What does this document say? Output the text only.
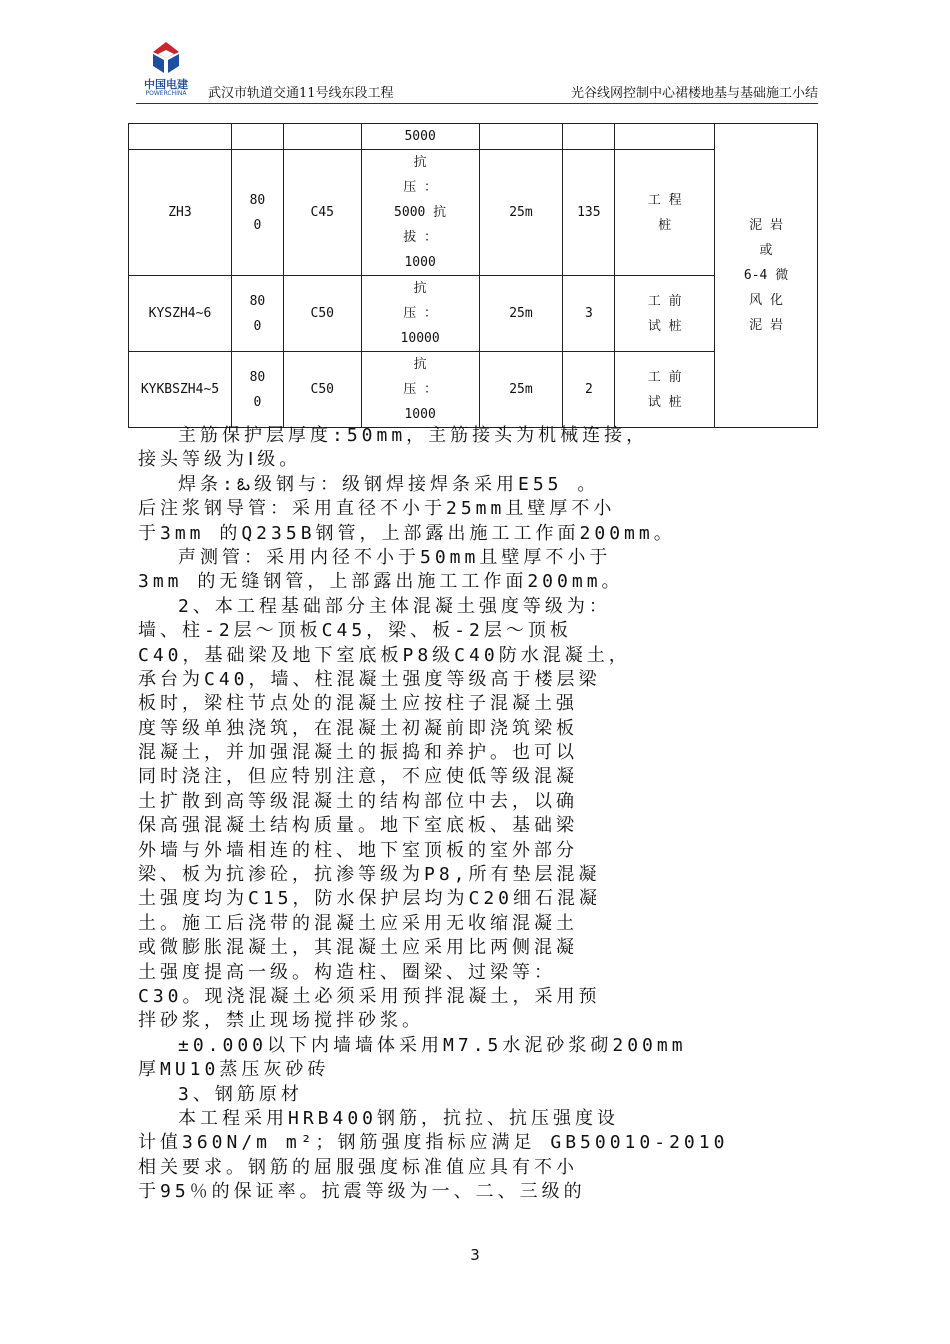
中国电建
POWERCHINA	武汉市轨道交通11号线东段工程	光谷线网控制中心裙楼地基与基础施工小结
			5000				泥 岩
或
6-4 微
风 化
泥 岩

ZH3	80
0	C45	抗
压 ：
5000 抗
拔 ：
1000	25m	135	工 程
桩	

KYSZH4~6	80
0	C50	抗
压 ：
10000	25m	3	工 前
试 桩	

KYKBSZH4~5	80
0	C50	抗
压 ：
1000	25m	2	工 前
试 桩	
主筋保护层厚度:50mm，主筋接头为机械连接，
接头等级为Ⅰ级。
焊条:ఓ级钢与：级钢焊接焊条采用E55 。
后注浆钢导管：采用直径不小于25mm且壁厚不小
于3mm 的Q235B钢管，上部露出施工工作面200mm。
声测管：采用内径不小于50mm且壁厚不小于
3mm 的无缝钢管，上部露出施工工作面200mm。
2、本工程基础部分主体混凝土强度等级为：
墙、柱-2层～顶板C45，梁、板-2层～顶板
C40，基础梁及地下室底板P8级C40防水混凝土，
承台为C40，墙、柱混凝土强度等级高于楼层梁
板时，梁柱节点处的混凝土应按柱子混凝土强
度等级单独浇筑，在混凝土初凝前即浇筑梁板
混凝土，并加强混凝土的振捣和养护。也可以
同时浇注，但应特别注意，不应使低等级混凝
土扩散到高等级混凝土的结构部位中去，以确
保高强混凝土结构质量。地下室底板、基础梁
外墙与外墙相连的柱、地下室顶板的室外部分
梁、板为抗渗砼，抗渗等级为P8,所有垫层混凝
土强度均为C15，防水保护层均为C20细石混凝
土。施工后浇带的混凝土应采用无收缩混凝土
或微膨胀混凝土，其混凝土应采用比两侧混凝
土强度提高一级。构造柱、圈梁、过梁等：
C30。现浇混凝土必须采用预拌混凝土，采用预
拌砂浆，禁止现场搅拌砂浆。
±0.000以下内墙墙体采用M7.5水泥砂浆砌200mm
厚MU10蒸压灰砂砖
3、钢筋原材
本工程采用HRB400钢筋，抗拉、抗压强度设
计值360N/m m²；钢筋强度指标应满足 GB50010-2010
相关要求。钢筋的屈服强度标准值应具有不小
于95％的保证率。抗震等级为一、二、三级的
3
